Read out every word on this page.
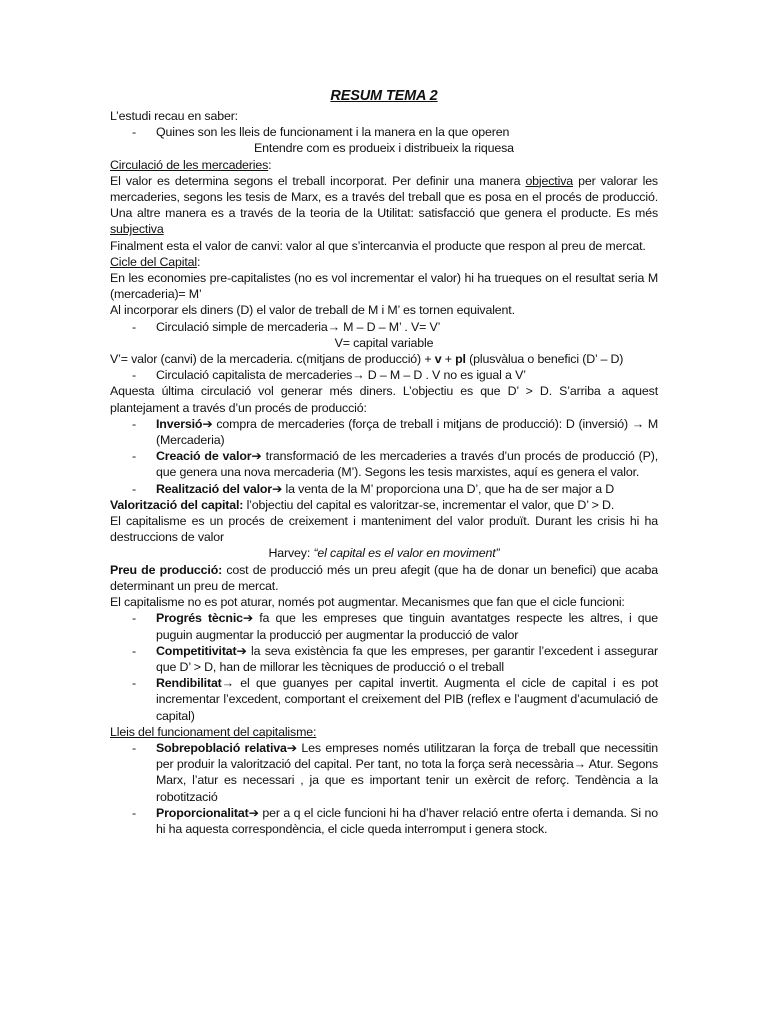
RESUM TEMA 2

L’estudi recau en saber:

- Quines son les lleis de funcionament i la manera en la que operen

Entendre com es produeix i distribueix la riquesa

Circulació de les mercaderies:

El valor es determina segons el treball incorporat. Per definir una manera objectiva per valorar les mercaderies, segons les tesis de Marx, es a través del treball que es posa en el procés de producció. Una altre manera es a través de la teoria de la Utilitat: satisfacció que genera el producte. Es més subjectiva

Finalment esta el valor de canvi: valor al que s’intercanvia el producte que respon al preu de mercat.

Cicle del Capital:

En les economies pre-capitalistes (no es vol incrementar el valor) hi ha trueques on el resultat seria M (mercaderia)= M’

Al incorporar els diners (D) el valor de treball de M i M’ es tornen equivalent.

- Circulació simple de mercaderia→ M – D – M’ . V= V’

V= capital variable

V’= valor (canvi) de la mercaderia. c(mitjans de producció) + v + pl (plusvàlua o benefici (D’ – D)

- Circulació capitalista de mercaderies→ D – M – D . V no es igual a V’

Aquesta última circulació vol generar més diners. L’objectiu es que D’ > D. S’arriba a aquest plantejament a través d’un procés de producció:

- Inversió➔ compra de mercaderies (força de treball i mitjans de producció): D (inversió) → M (Mercaderia)

- Creació de valor➔ transformació de les mercaderies a través d’un procés de producció (P), que genera una nova mercaderia (M’). Segons les tesis marxistes, aquí es genera el valor.

- Realització del valor➔ la venta de la M’ proporciona una D’, que ha de ser major a D

Valorització del capital: l’objectiu del capital es valoritzar-se, incrementar el valor, que D’ > D.

El capitalisme es un procés de creixement i manteniment del valor produït. Durant les crisis hi ha destruccions de valor

Harvey: “el capital es el valor en moviment”

Preu de producció: cost de producció més un preu afegit (que ha de donar un benefici) que acaba determinant un preu de mercat.

El capitalisme no es pot aturar, només pot augmentar. Mecanismes que fan que el cicle funcioni:

- Progrés tècnic➔ fa que les empreses que tinguin avantatges respecte les altres, i que puguin augmentar la producció per augmentar la producció de valor

- Competitivitat➔ la seva existència fa que les empreses, per garantir l’excedent i assegurar que D’ > D, han de millorar les tècniques de producció o el treball

- Rendibilitat→ el que guanyes per capital invertit. Augmenta el cicle de capital i es pot incrementar l’excedent, comportant el creixement del PIB (reflex e l’augment d’acumulació de capital)

Lleis del funcionament del capitalisme:

- Sobrepoblació relativa➔ Les empreses només utilitzaran la força de treball que necessitin per produir la valorització del capital. Per tant, no tota la força serà necessària→ Atur. Segons Marx, l’atur es necessari , ja que es important tenir un exèrcit de reforç. Tendència a la robotització

- Proporcionalitat➔ per a q el cicle funcioni hi ha d’haver relació entre oferta i demanda. Si no hi ha aquesta correspondència, el cicle queda interromput i genera stock.
